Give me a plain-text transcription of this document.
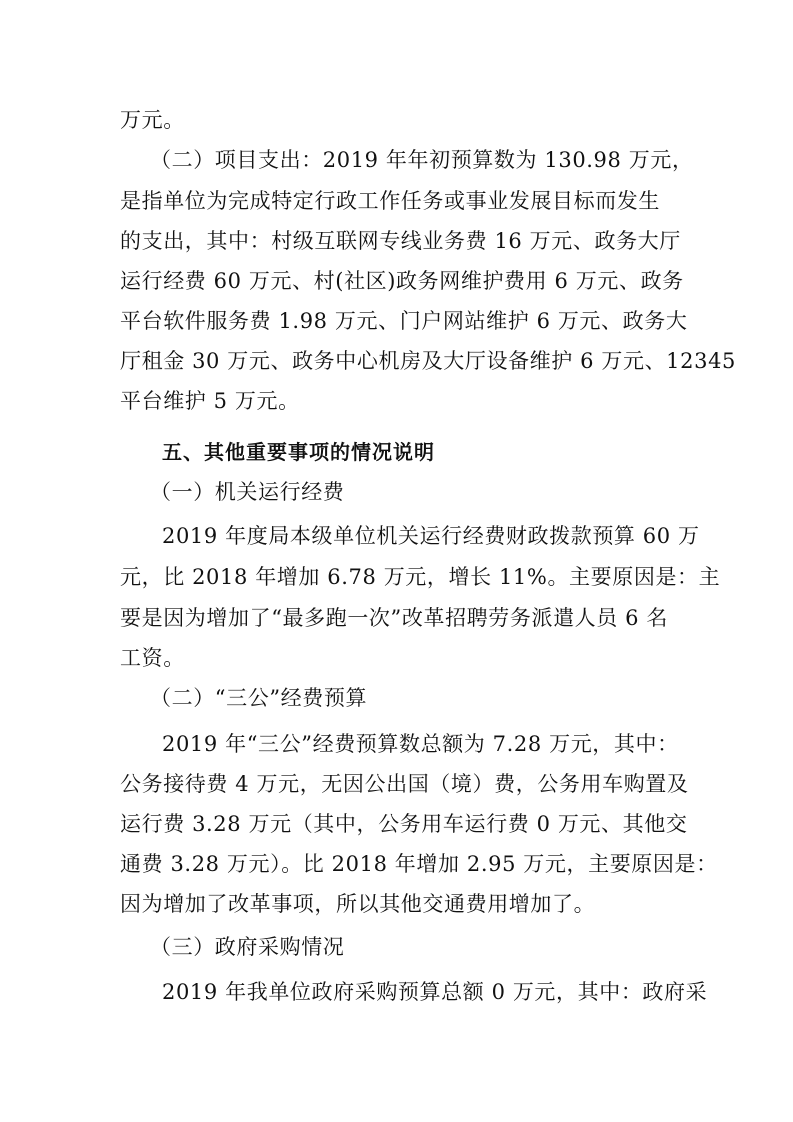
万元。
（二）项目支出：2019 年年初预算数为 130.98 万元，
是指单位为完成特定行政工作任务或事业发展目标而发生
的支出，其中：村级互联网专线业务费 16 万元、政务大厅
运行经费 60 万元、村(社区)政务网维护费用 6 万元、政务
平台软件服务费 1.98 万元、门户网站维护 6 万元、政务大
厅租金 30 万元、政务中心机房及大厅设备维护 6 万元、12345
平台维护 5 万元。
五、其他重要事项的情况说明
（一）机关运行经费
2019 年度局本级单位机关运行经费财政拨款预算 60 万
元，比 2018 年增加 6.78 万元，增长 11%。主要原因是：主
要是因为增加了“最多跑一次”改革招聘劳务派遣人员 6 名
工资。
（二）“三公”经费预算
2019 年“三公”经费预算数总额为 7.28 万元，其中：
公务接待费 4 万元，无因公出国（境）费，公务用车购置及
运行费 3.28 万元（其中，公务用车运行费 0 万元、其他交
通费 3.28 万元）。比 2018 年增加 2.95 万元，主要原因是：
因为增加了改革事项，所以其他交通费用增加了。
（三）政府采购情况
2019 年我单位政府采购预算总额 0 万元，其中：政府采
